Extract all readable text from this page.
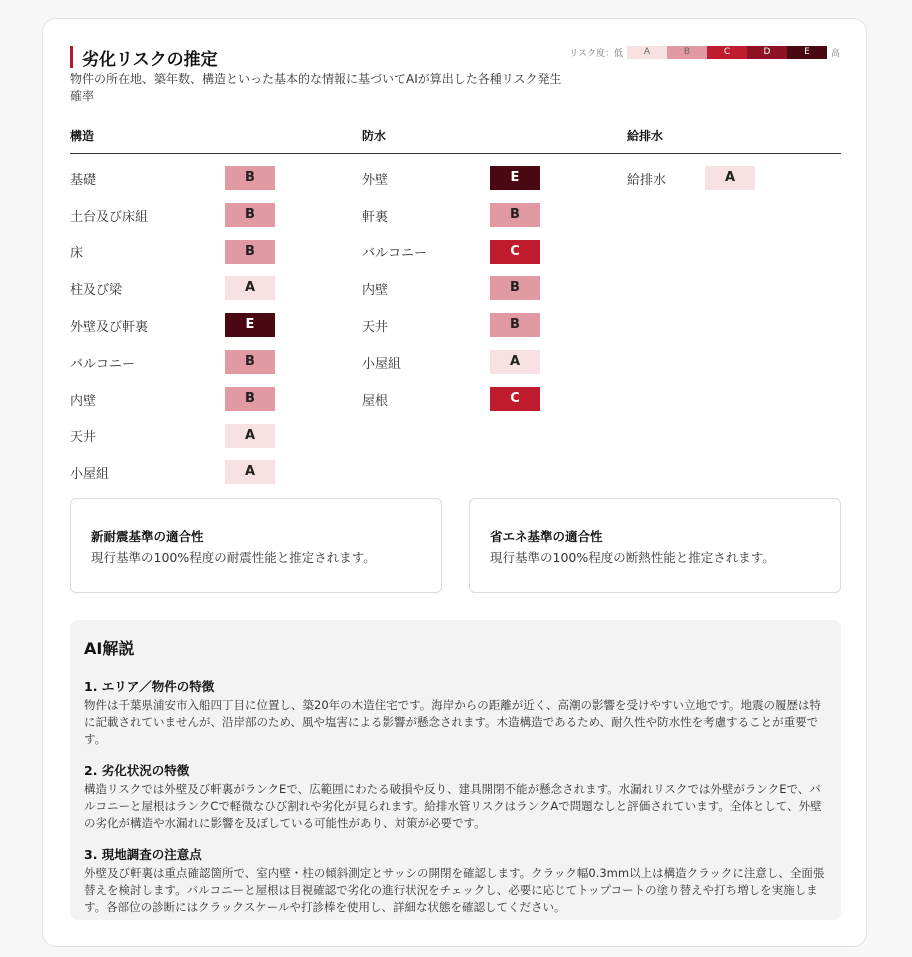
劣化リスクの推定
物件の所在地、築年数、構造といった基本的な情報に基づいてAIが算出した各種リスク発生確率
リスク度：低	A	B	C	D	E	高
構造	防水	給排水
基礎	B
土台及び床組	B
床	B
柱及び梁	A
外壁及び軒裏	E
バルコニー	B
内壁	B
天井	A
小屋組	A
外壁	E
軒裏	B
バルコニー	C
内壁	B
天井	B
小屋組	A
屋根	C
給排水	A
新耐震基準の適合性
現行基準の100%程度の耐震性能と推定されます。
省エネ基準の適合性
現行基準の100%程度の断熱性能と推定されます。
AI解説
1. エリア／物件の特徴
物件は千葉県浦安市入船四丁目に位置し、築20年の木造住宅です。海岸からの距離が近く、高潮の影響を受けやすい立地です。地震の履歴は特に記載されていませんが、沿岸部のため、風や塩害による影響が懸念されます。木造構造であるため、耐久性や防水性を考慮することが重要です。
2. 劣化状況の特徴
構造リスクでは外壁及び軒裏がランクEで、広範囲にわたる破損や反り、建具開閉不能が懸念されます。水漏れリスクでは外壁がランクEで、バルコニーと屋根はランクCで軽微なひび割れや劣化が見られます。給排水管リスクはランクAで問題なしと評価されています。全体として、外壁の劣化が構造や水漏れに影響を及ぼしている可能性があり、対策が必要です。
3. 現地調査の注意点
外壁及び軒裏は重点確認箇所で、室内壁・柱の傾斜測定とサッシの開閉を確認します。クラック幅0.3mm以上は構造クラックに注意し、全面張替えを検討します。バルコニーと屋根は目視確認で劣化の進行状況をチェックし、必要に応じてトップコートの塗り替えや打ち増しを実施します。各部位の診断にはクラックスケールや打診棒を使用し、詳細な状態を確認してください。
